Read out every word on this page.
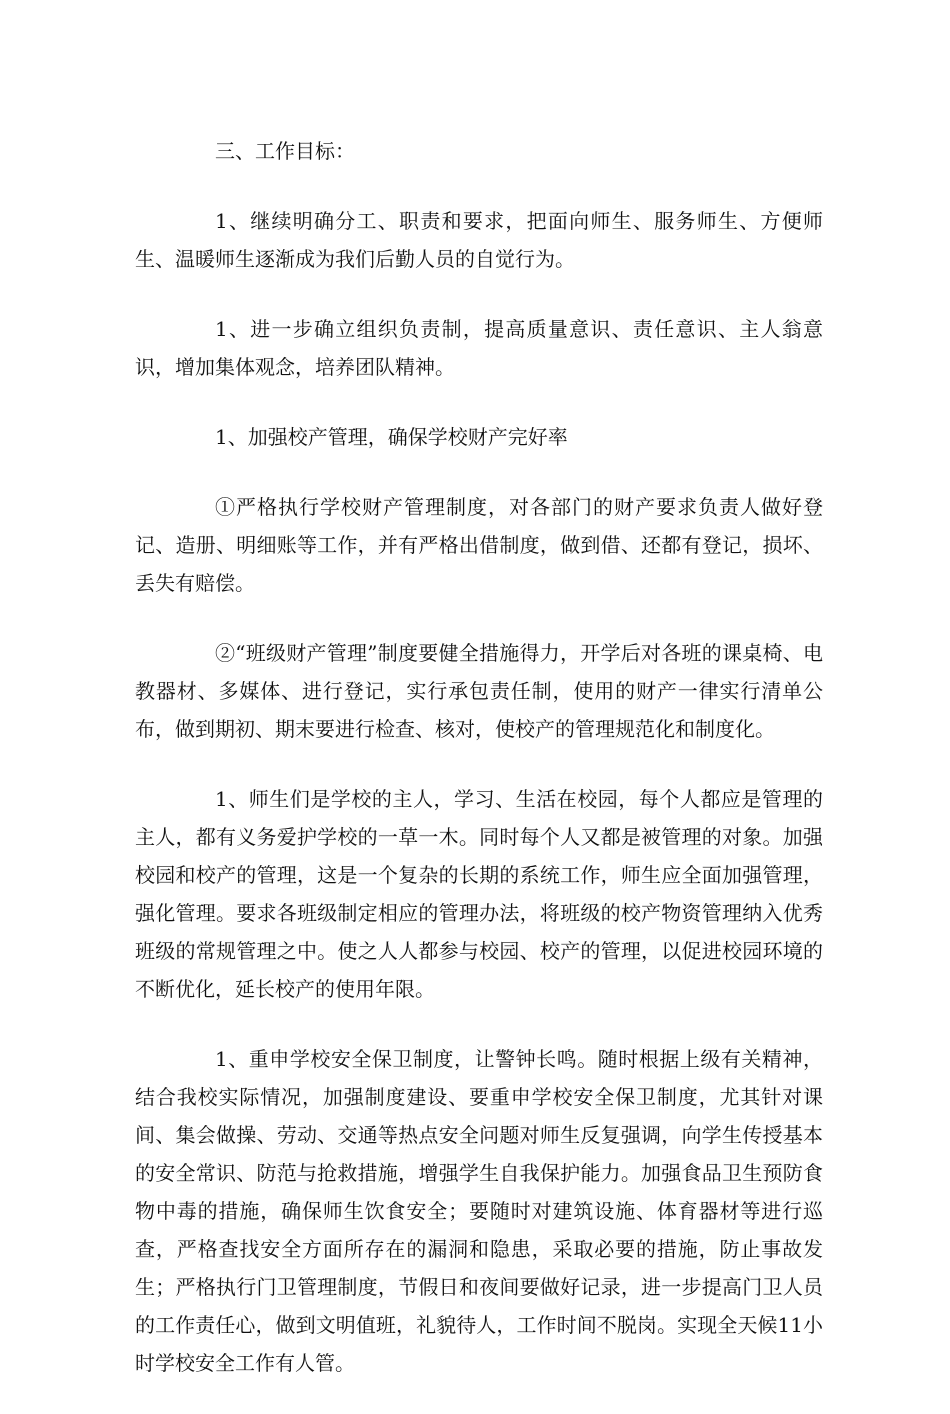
三、工作目标：

1、继续明确分工、职责和要求，把面向师生、服务师生、方便师生、温暖师生逐渐成为我们后勤人员的自觉行为。

1、进一步确立组织负责制，提高质量意识、责任意识、主人翁意识，增加集体观念，培养团队精神。

1、加强校产管理，确保学校财产完好率

①严格执行学校财产管理制度，对各部门的财产要求负责人做好登记、造册、明细账等工作，并有严格出借制度，做到借、还都有登记，损坏、丢失有赔偿。

②“班级财产管理”制度要健全措施得力，开学后对各班的课桌椅、电教器材、多媒体、进行登记，实行承包责任制，使用的财产一律实行清单公布，做到期初、期末要进行检查、核对，使校产的管理规范化和制度化。

1、师生们是学校的主人，学习、生活在校园，每个人都应是管理的主人，都有义务爱护学校的一草一木。同时每个人又都是被管理的对象。加强校园和校产的管理，这是一个复杂的长期的系统工作，师生应全面加强管理，强化管理。要求各班级制定相应的管理办法，将班级的校产物资管理纳入优秀班级的常规管理之中。使之人人都参与校园、校产的管理，以促进校园环境的不断优化，延长校产的使用年限。

1、重申学校安全保卫制度，让警钟长鸣。随时根据上级有关精神，结合我校实际情况，加强制度建设、要重申学校安全保卫制度，尤其针对课间、集会做操、劳动、交通等热点安全问题对师生反复强调，向学生传授基本的安全常识、防范与抢救措施，增强学生自我保护能力。加强食品卫生预防食物中毒的措施，确保师生饮食安全；要随时对建筑设施、体育器材等进行巡查，严格查找安全方面所存在的漏洞和隐患，采取必要的措施，防止事故发生；严格执行门卫管理制度，节假日和夜间要做好记录，进一步提高门卫人员的工作责任心，做到文明值班，礼貌待人，工作时间不脱岗。实现全天候11小时学校安全工作有人管。
